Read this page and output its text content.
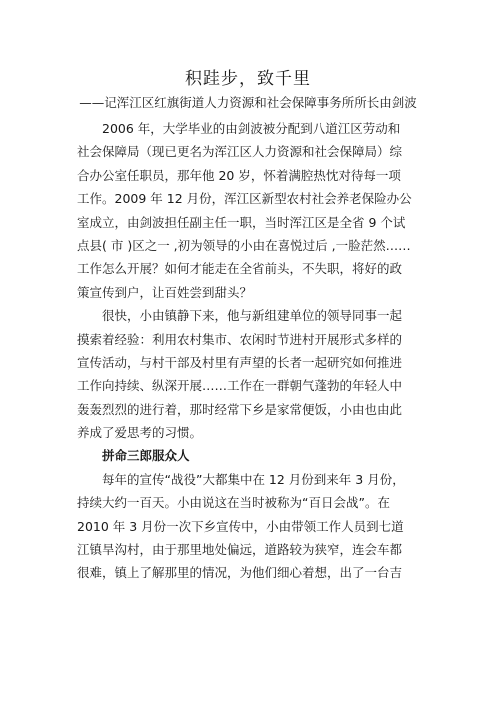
积跬步，致千里
——记浑江区红旗街道人力资源和社会保障事务所所长由剑波
　　2006 年，大学毕业的由剑波被分配到八道江区劳动和
社会保障局（现已更名为浑江区人力资源和社会保障局）综
合办公室任职员，那年他 20 岁，怀着满腔热忱对待每一项
工作。2009 年 12 月份，浑江区新型农村社会养老保险办公
室成立，由剑波担任副主任一职，当时浑江区是全省 9 个试
点县( 市 )区之一 ,初为领导的小由在喜悦过后 ,一脸茫然……
工作怎么开展？如何才能走在全省前头，不失职，将好的政
策宣传到户，让百姓尝到甜头？
　　很快，小由镇静下来，他与新组建单位的领导同事一起
摸索着经验：利用农村集市、农闲时节进村开展形式多样的
宣传活动，与村干部及村里有声望的长者一起研究如何推进
工作向持续、纵深开展……工作在一群朝气蓬勃的年轻人中
轰轰烈烈的进行着，那时经常下乡是家常便饭，小由也由此
养成了爱思考的习惯。
　　拼命三郎服众人
　　每年的宣传“战役”大都集中在 12 月份到来年 3 月份，
持续大约一百天。小由说这在当时被称为“百日会战”。在
2010 年 3 月份一次下乡宣传中，小由带领工作人员到七道
江镇旱沟村，由于那里地处偏远，道路较为狭窄，连会车都
很难，镇上了解那里的情况，为他们细心着想，出了一台吉
